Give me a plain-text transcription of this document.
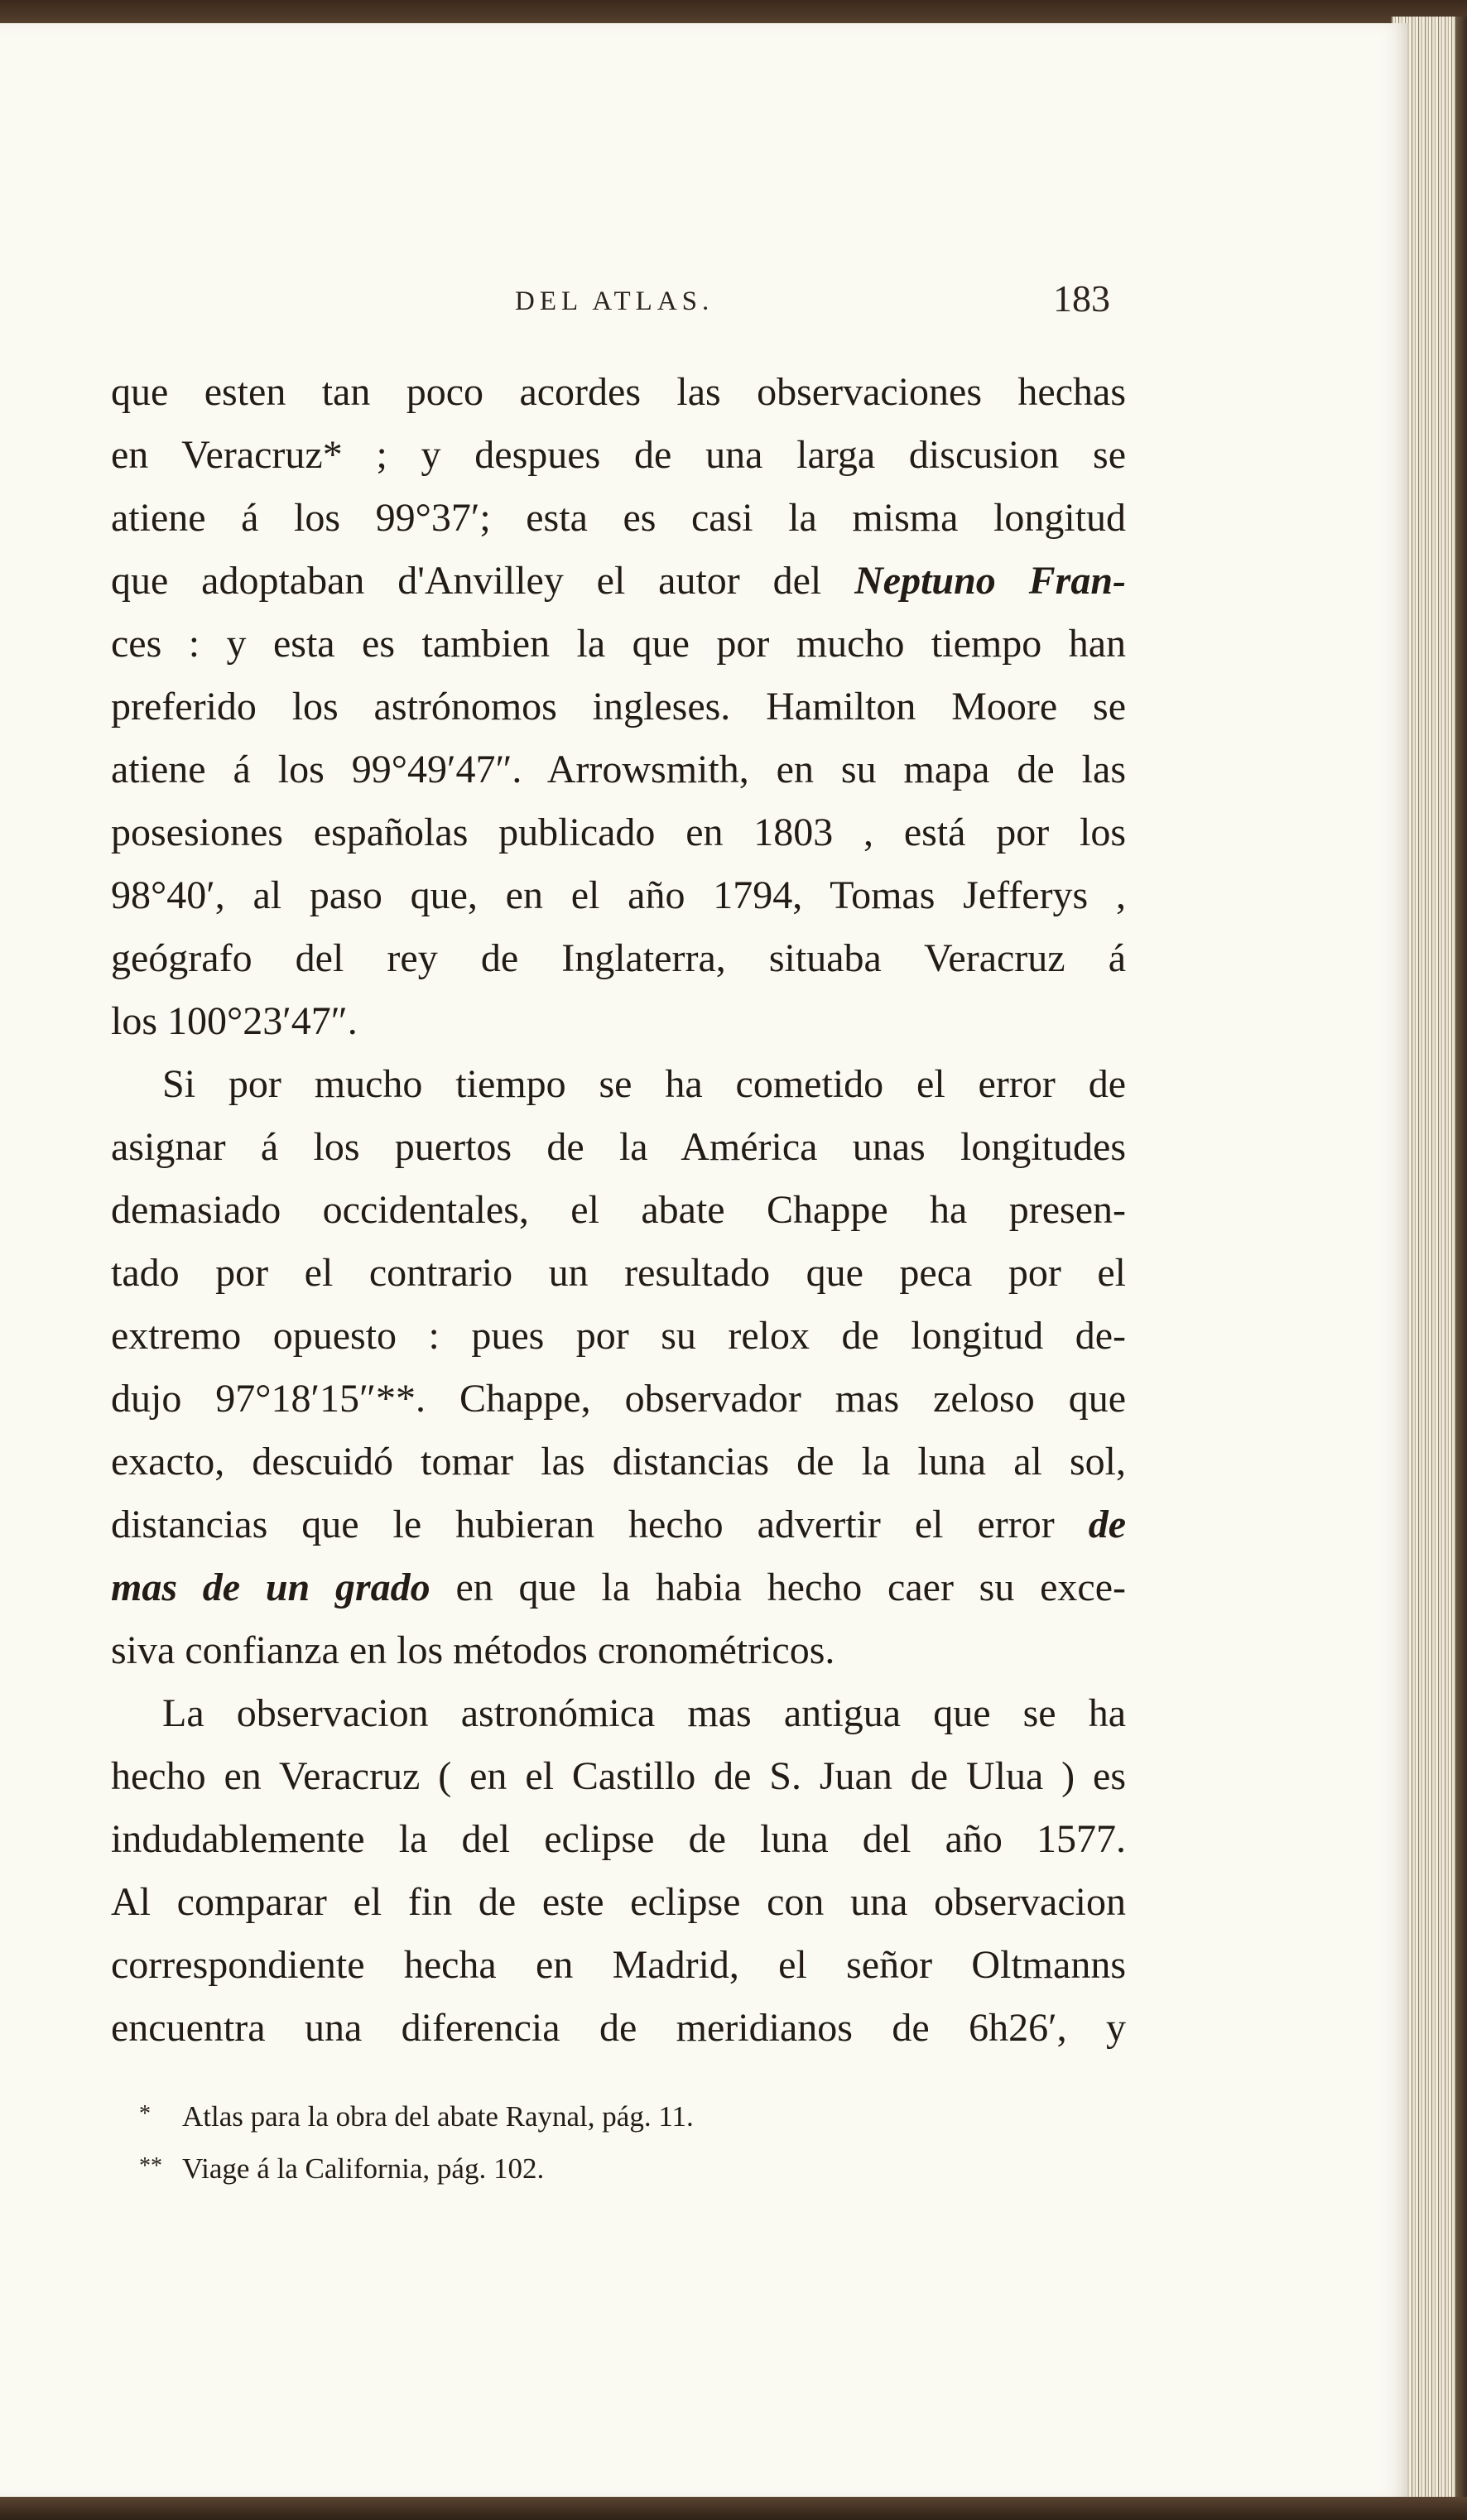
DEL ATLAS.	183
que esten tan poco acordes las observaciones hechas
en Veracruz* ; y despues de una larga discusion se
atiene á los 99°37′; esta es casi la misma longitud
que adoptaban d'Anvilley el autor del Neptuno Fran-
ces : y esta es tambien la que por mucho tiempo han
preferido los astrónomos ingleses. Hamilton Moore se
atiene á los 99°49′47″. Arrowsmith, en su mapa de las
posesiones españolas publicado en 1803 , está por los
98°40′, al paso que, en el año 1794, Tomas Jefferys ,
geógrafo del rey de Inglaterra, situaba Veracruz á
los 100°23′47″.
Si por mucho tiempo se ha cometido el error de
asignar á los puertos de la América unas longitudes
demasiado occidentales, el abate Chappe ha presen-
tado por el contrario un resultado que peca por el
extremo opuesto : pues por su relox de longitud de-
dujo 97°18′15″**. Chappe, observador mas zeloso que
exacto, descuidó tomar las distancias de la luna al sol,
distancias que le hubieran hecho advertir el error de
mas de un grado en que la habia hecho caer su exce-
siva confianza en los métodos cronométricos.
La observacion astronómica mas antigua que se ha
hecho en Veracruz ( en el Castillo de S. Juan de Ulua ) es
indudablemente la del eclipse de luna del año 1577.
Al comparar el fin de este eclipse con una observacion
correspondiente hecha en Madrid, el señor Oltmanns
encuentra una diferencia de meridianos de 6h26′, y
* Atlas para la obra del abate Raynal, pág. 11.
** Viage á la California, pág. 102.
